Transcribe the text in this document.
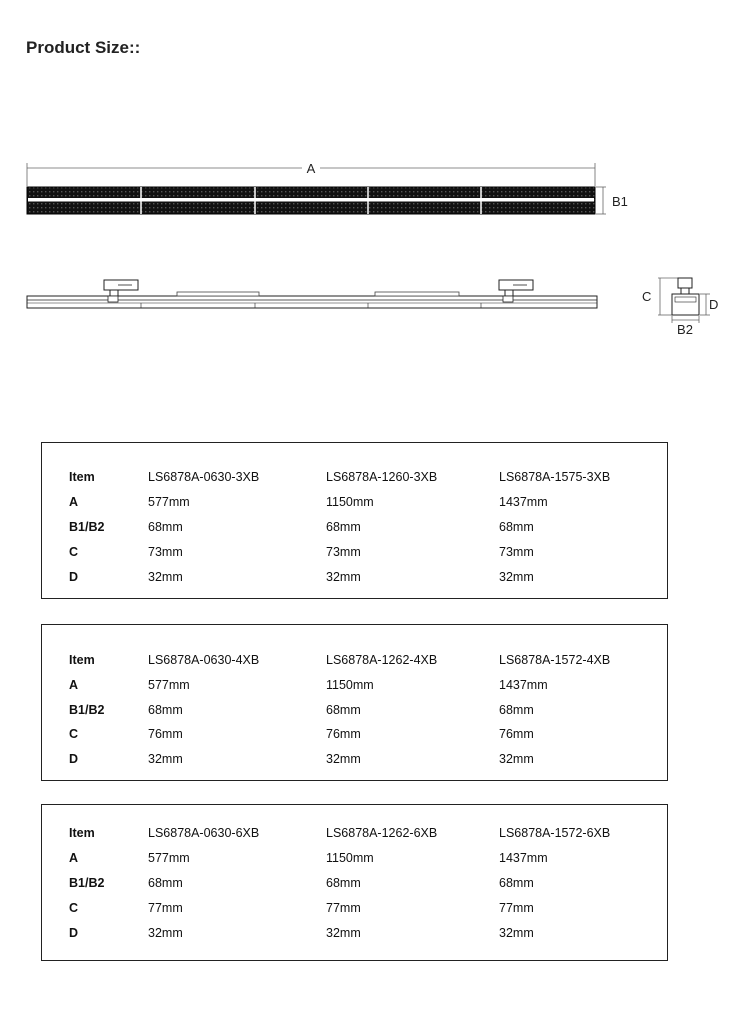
Product Size::
A
B1
C
D
B2
Item	LS6878A-0630-3XB	LS6878A-1260-3XB	LS6878A-1575-3XB
A	577mm	1150mm	1437mm
B1/B2	68mm	68mm	68mm
C	73mm	73mm	73mm
D	32mm	32mm	32mm
Item	LS6878A-0630-4XB	LS6878A-1262-4XB	LS6878A-1572-4XB
A	577mm	1150mm	1437mm
B1/B2	68mm	68mm	68mm
C	76mm	76mm	76mm
D	32mm	32mm	32mm
Item	LS6878A-0630-6XB	LS6878A-1262-6XB	LS6878A-1572-6XB
A	577mm	1150mm	1437mm
B1/B2	68mm	68mm	68mm
C	77mm	77mm	77mm
D	32mm	32mm	32mm
